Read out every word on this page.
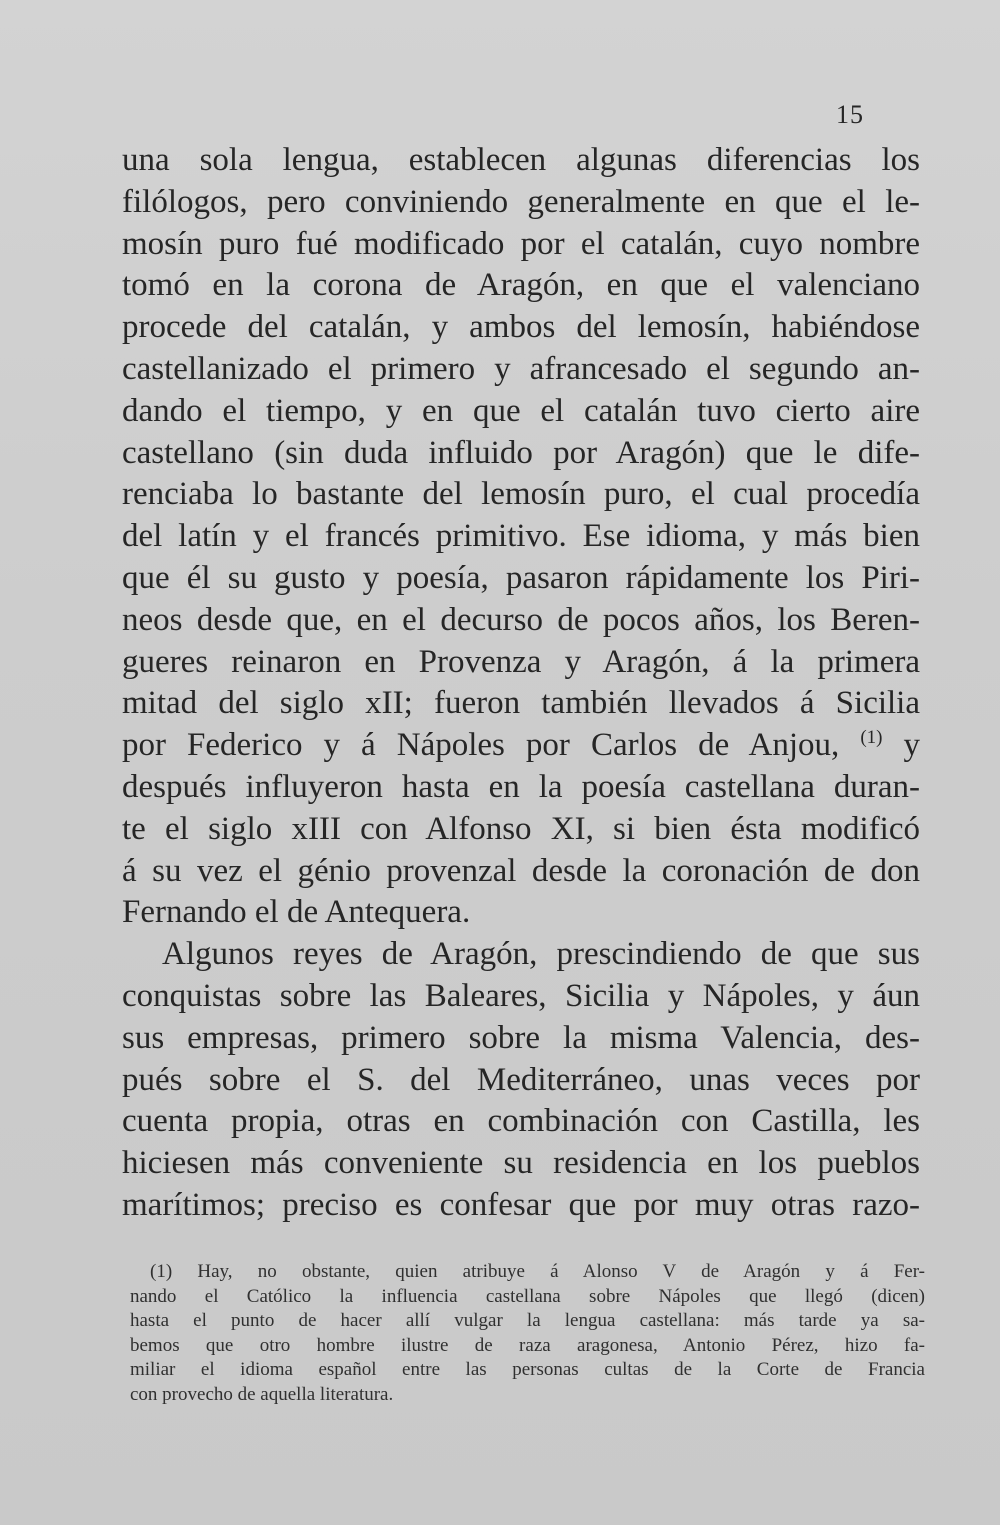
15
una sola lengua, establecen algunas diferencias los
filólogos, pero conviniendo generalmente en que el le-
mosín puro fué modificado por el catalán, cuyo nombre
tomó en la corona de Aragón, en que el valenciano
procede del catalán, y ambos del lemosín, habiéndose
castellanizado el primero y afrancesado el segundo an-
dando el tiempo, y en que el catalán tuvo cierto aire
castellano (sin duda influido por Aragón) que le dife-
renciaba lo bastante del lemosín puro, el cual procedía
del latín y el francés primitivo. Ese idioma, y más bien
que él su gusto y poesía, pasaron rápidamente los Piri-
neos desde que, en el decurso de pocos años, los Beren-
gueres reinaron en Provenza y Aragón, á la primera
mitad del siglo xII; fueron también llevados á Sicilia
por Federico y á Nápoles por Carlos de Anjou, $^{(1)}$ y
después influyeron hasta en la poesía castellana duran-
te el siglo xIII con Alfonso XI, si bien ésta modificó
á su vez el génio provenzal desde la coronación de don
Fernando el de Antequera.
Algunos reyes de Aragón, prescindiendo de que sus
conquistas sobre las Baleares, Sicilia y Nápoles, y áun
sus empresas, primero sobre la misma Valencia, des-
pués sobre el S. del Mediterráneo, unas veces por
cuenta propia, otras en combinación con Castilla, les
hiciesen más conveniente su residencia en los pueblos
marítimos; preciso es confesar que por muy otras razo-
(1) Hay, no obstante, quien atribuye á Alonso V de Aragón y á Fer-
nando el Católico la influencia castellana sobre Nápoles que llegó (dicen)
hasta el punto de hacer allí vulgar la lengua castellana: más tarde ya sa-
bemos que otro hombre ilustre de raza aragonesa, Antonio Pérez, hizo fa-
miliar el idioma español entre las personas cultas de la Corte de Francia
con provecho de aquella literatura.
